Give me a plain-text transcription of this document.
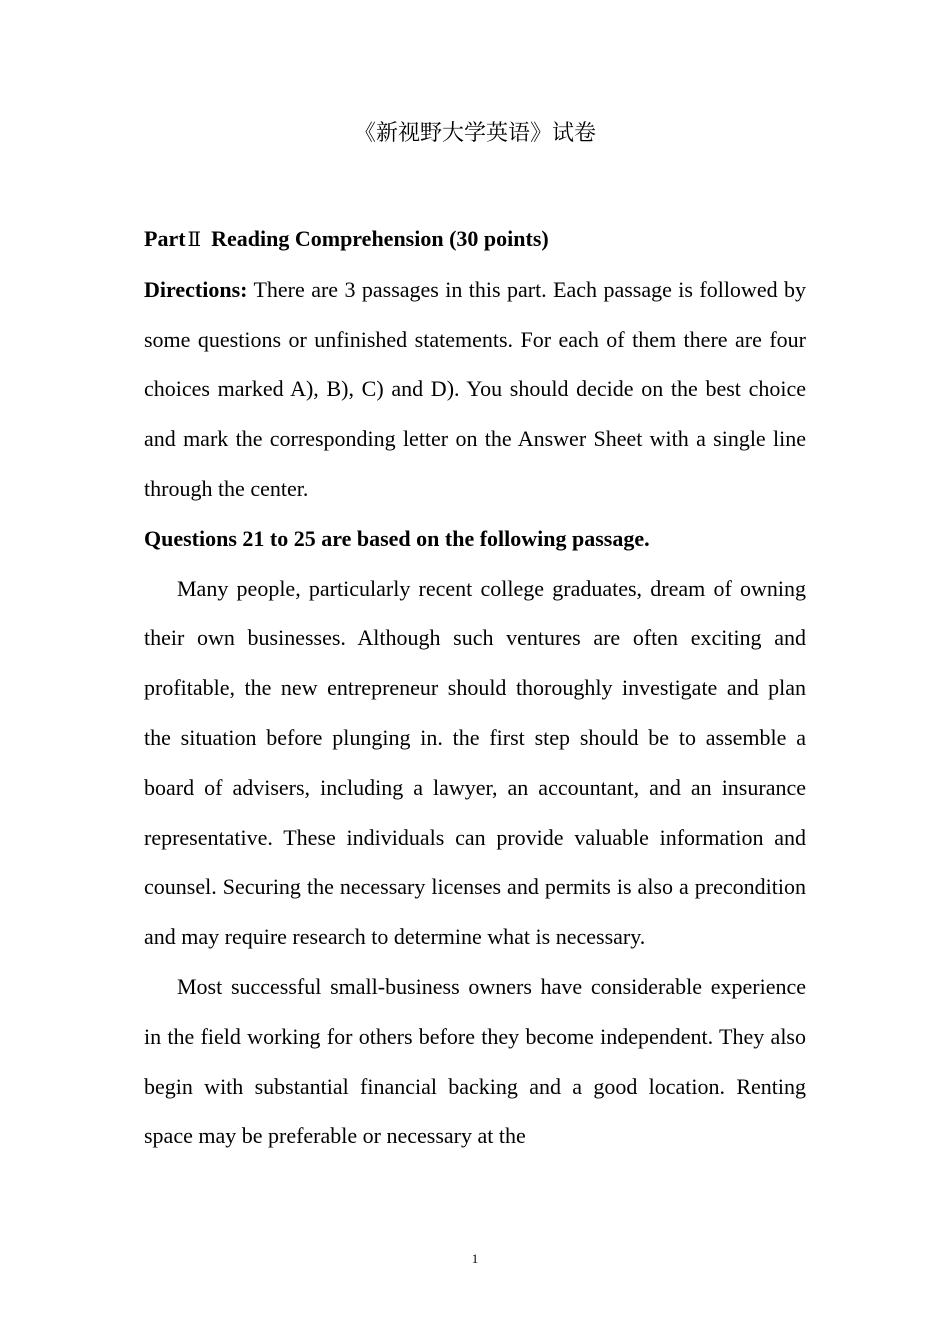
《新视野大学英语》试卷

Part Ⅱ Reading Comprehension (30 points)

Directions: There are 3 passages in this part. Each passage is followed by some questions or unfinished statements. For each of them there are four choices marked A), B), C) and D). You should decide on the best choice and mark the corresponding letter on the Answer Sheet with a single line through the center.

Questions 21 to 25 are based on the following passage.

Many people, particularly recent college graduates, dream of owning their own businesses. Although such ventures are often exciting and profitable, the new entrepreneur should thoroughly investigate and plan the situation before plunging in. the first step should be to assemble a board of advisers, including a lawyer, an accountant, and an insurance representative. These individuals can provide valuable information and counsel. Securing the necessary licenses and permits is also a precondition and may require research to determine what is necessary.

Most successful small-business owners have considerable experience in the field working for others before they become independent. They also begin with substantial financial backing and a good location. Renting space may be preferable or necessary at the

1
